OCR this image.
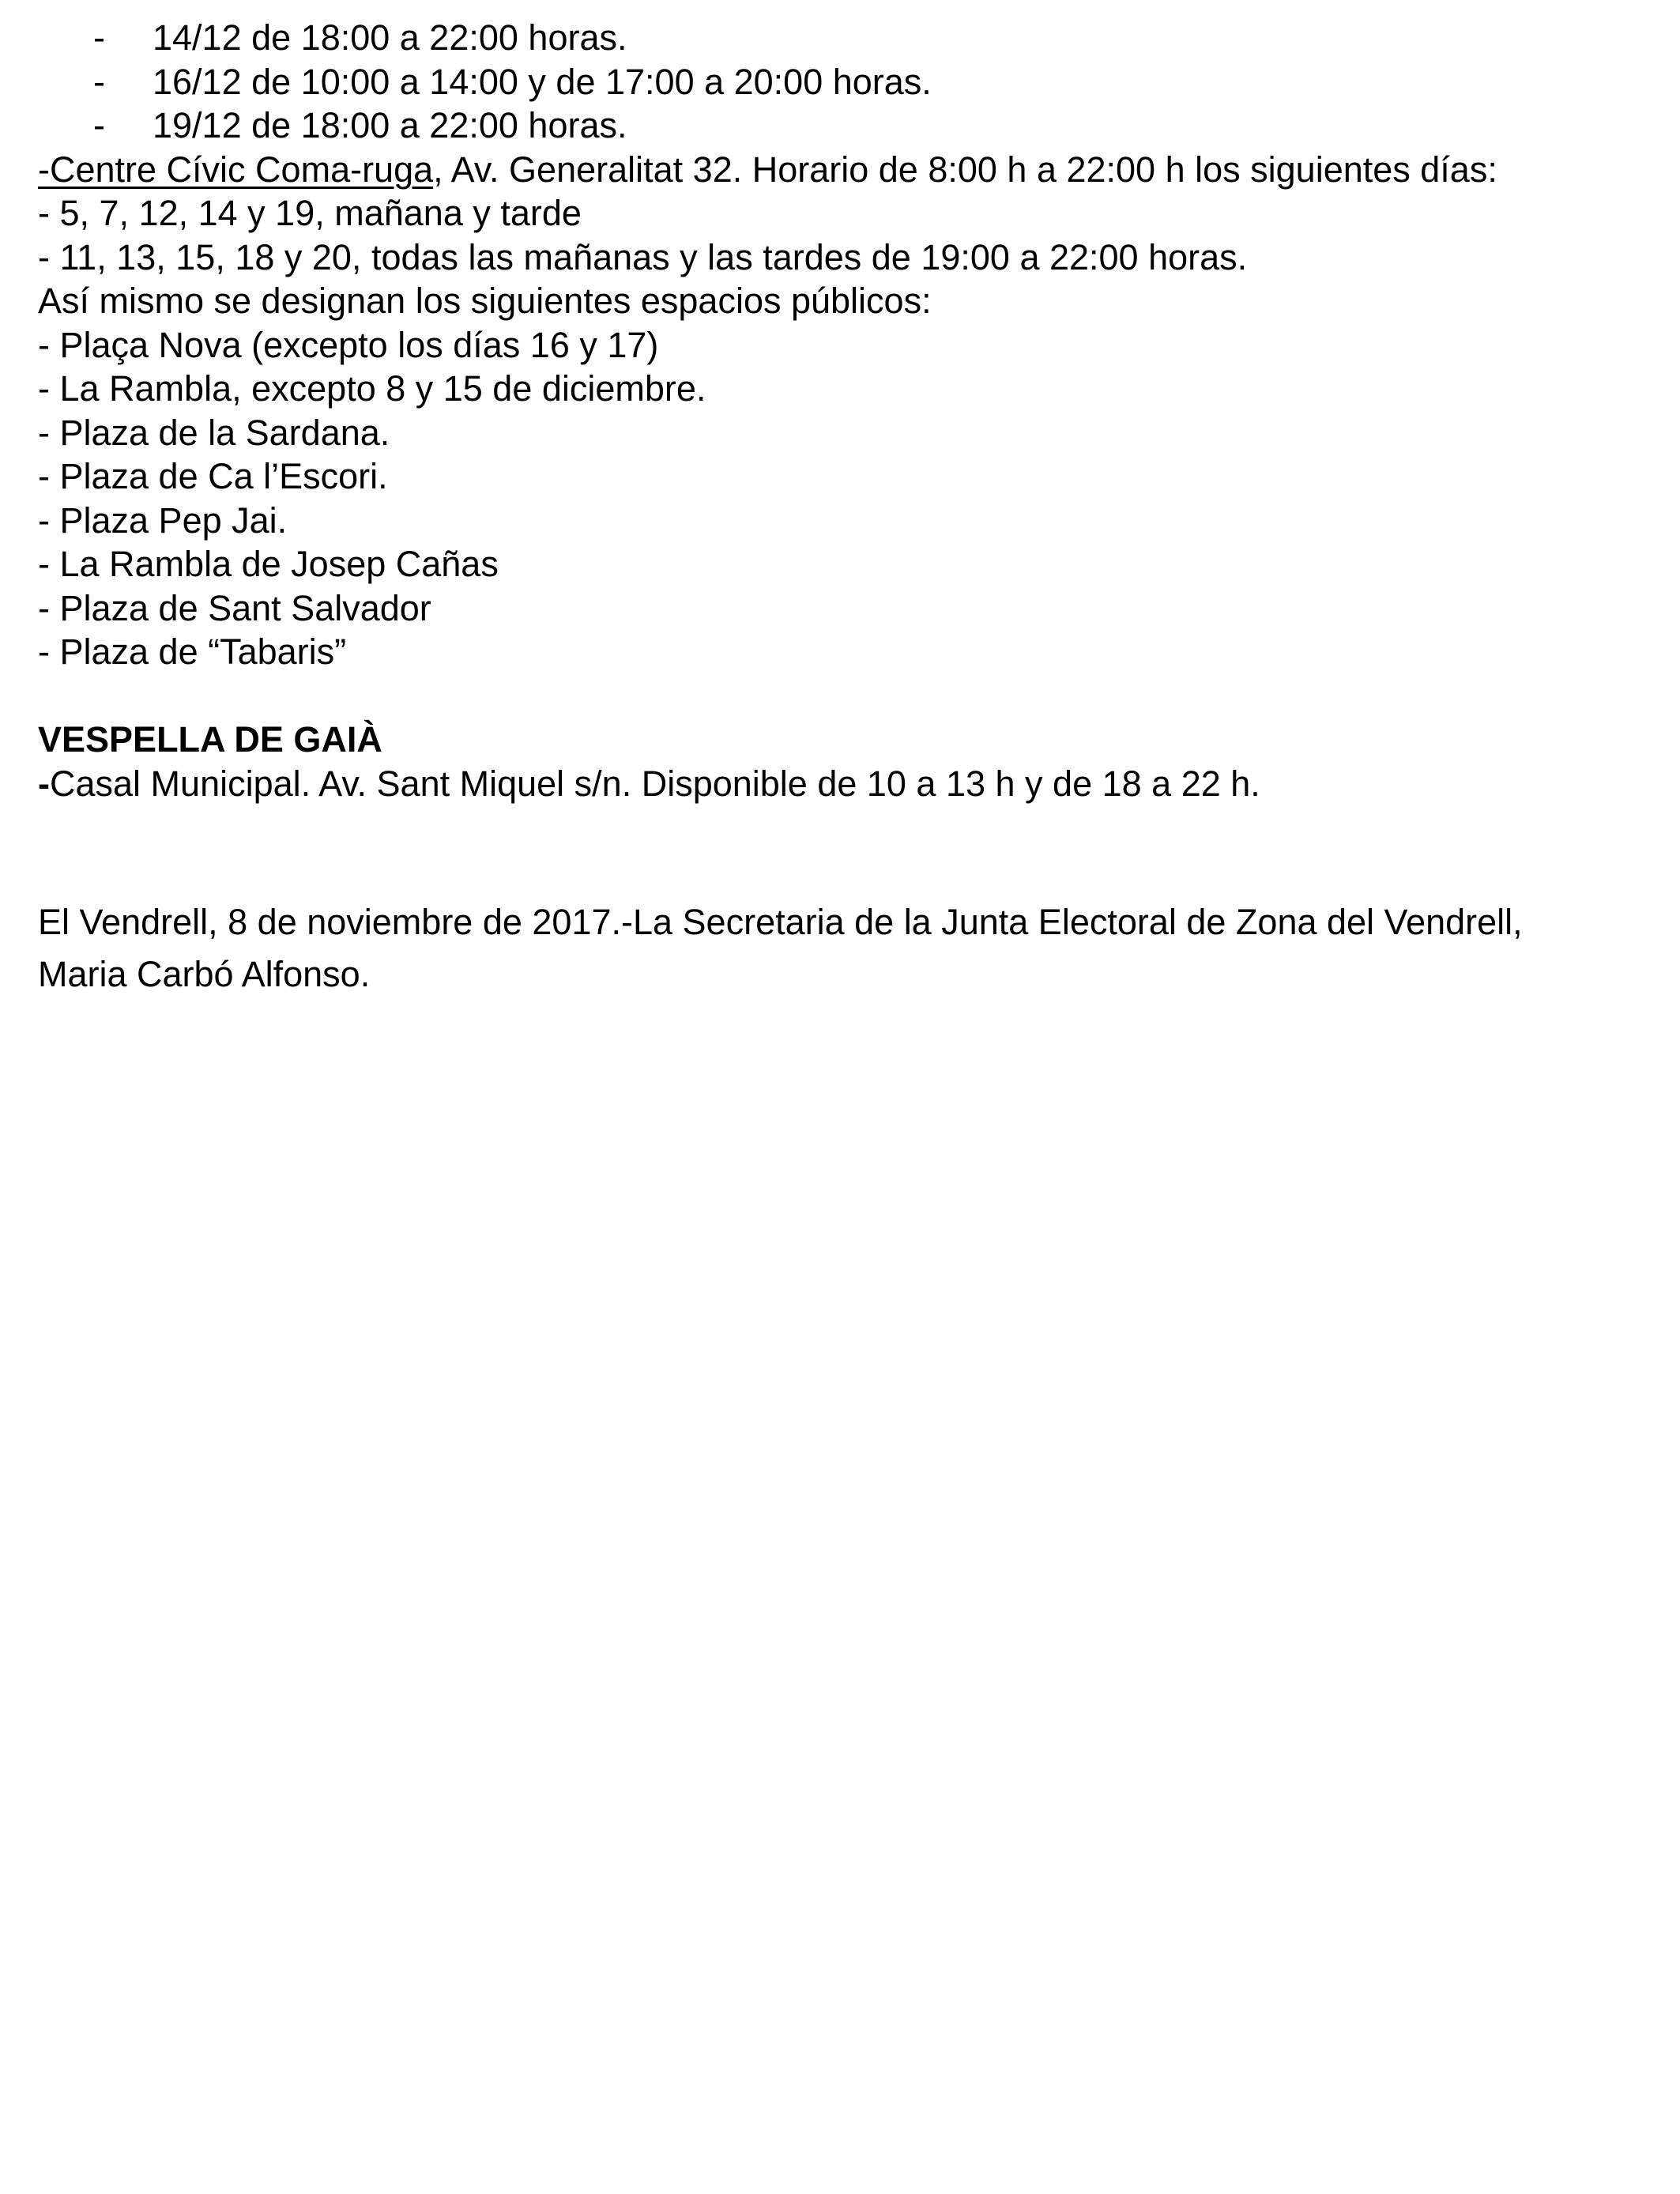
- 14/12 de 18:00 a 22:00 horas.
- 16/12 de 10:00 a 14:00 y de 17:00 a 20:00 horas.
- 19/12 de 18:00 a 22:00 horas.
-Centre Cívic Coma-ruga, Av. Generalitat 32. Horario de 8:00 h a 22:00 h los siguientes días:
- 5, 7, 12, 14 y 19, mañana y tarde
- 11, 13, 15, 18 y 20, todas las mañanas y las tardes de 19:00 a 22:00 horas.
Así mismo se designan los siguientes espacios públicos:
- Plaça Nova (excepto los días 16 y 17)
- La Rambla, excepto 8 y 15 de diciembre.
- Plaza de la Sardana.
- Plaza de Ca l’Escori.
- Plaza Pep Jai.
- La Rambla de Josep Cañas
- Plaza de Sant Salvador
- Plaza de “Tabaris”
VESPELLA DE GAIÀ
-Casal Municipal. Av. Sant Miquel s/n. Disponible de 10 a 13 h y de 18 a 22 h.
El Vendrell, 8 de noviembre de 2017.-La Secretaria de la Junta Electoral de Zona del Vendrell,
Maria Carbó Alfonso.
